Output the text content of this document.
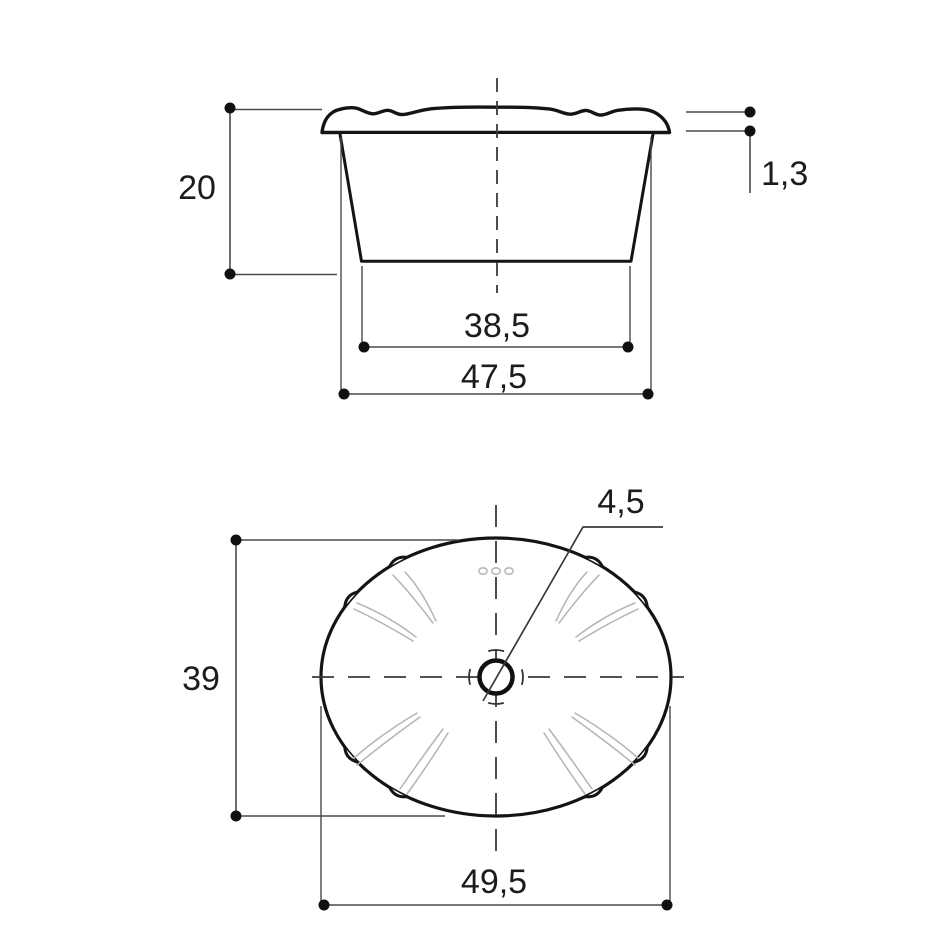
20	1,3
38,5
47,5
4,5
39
49,5
